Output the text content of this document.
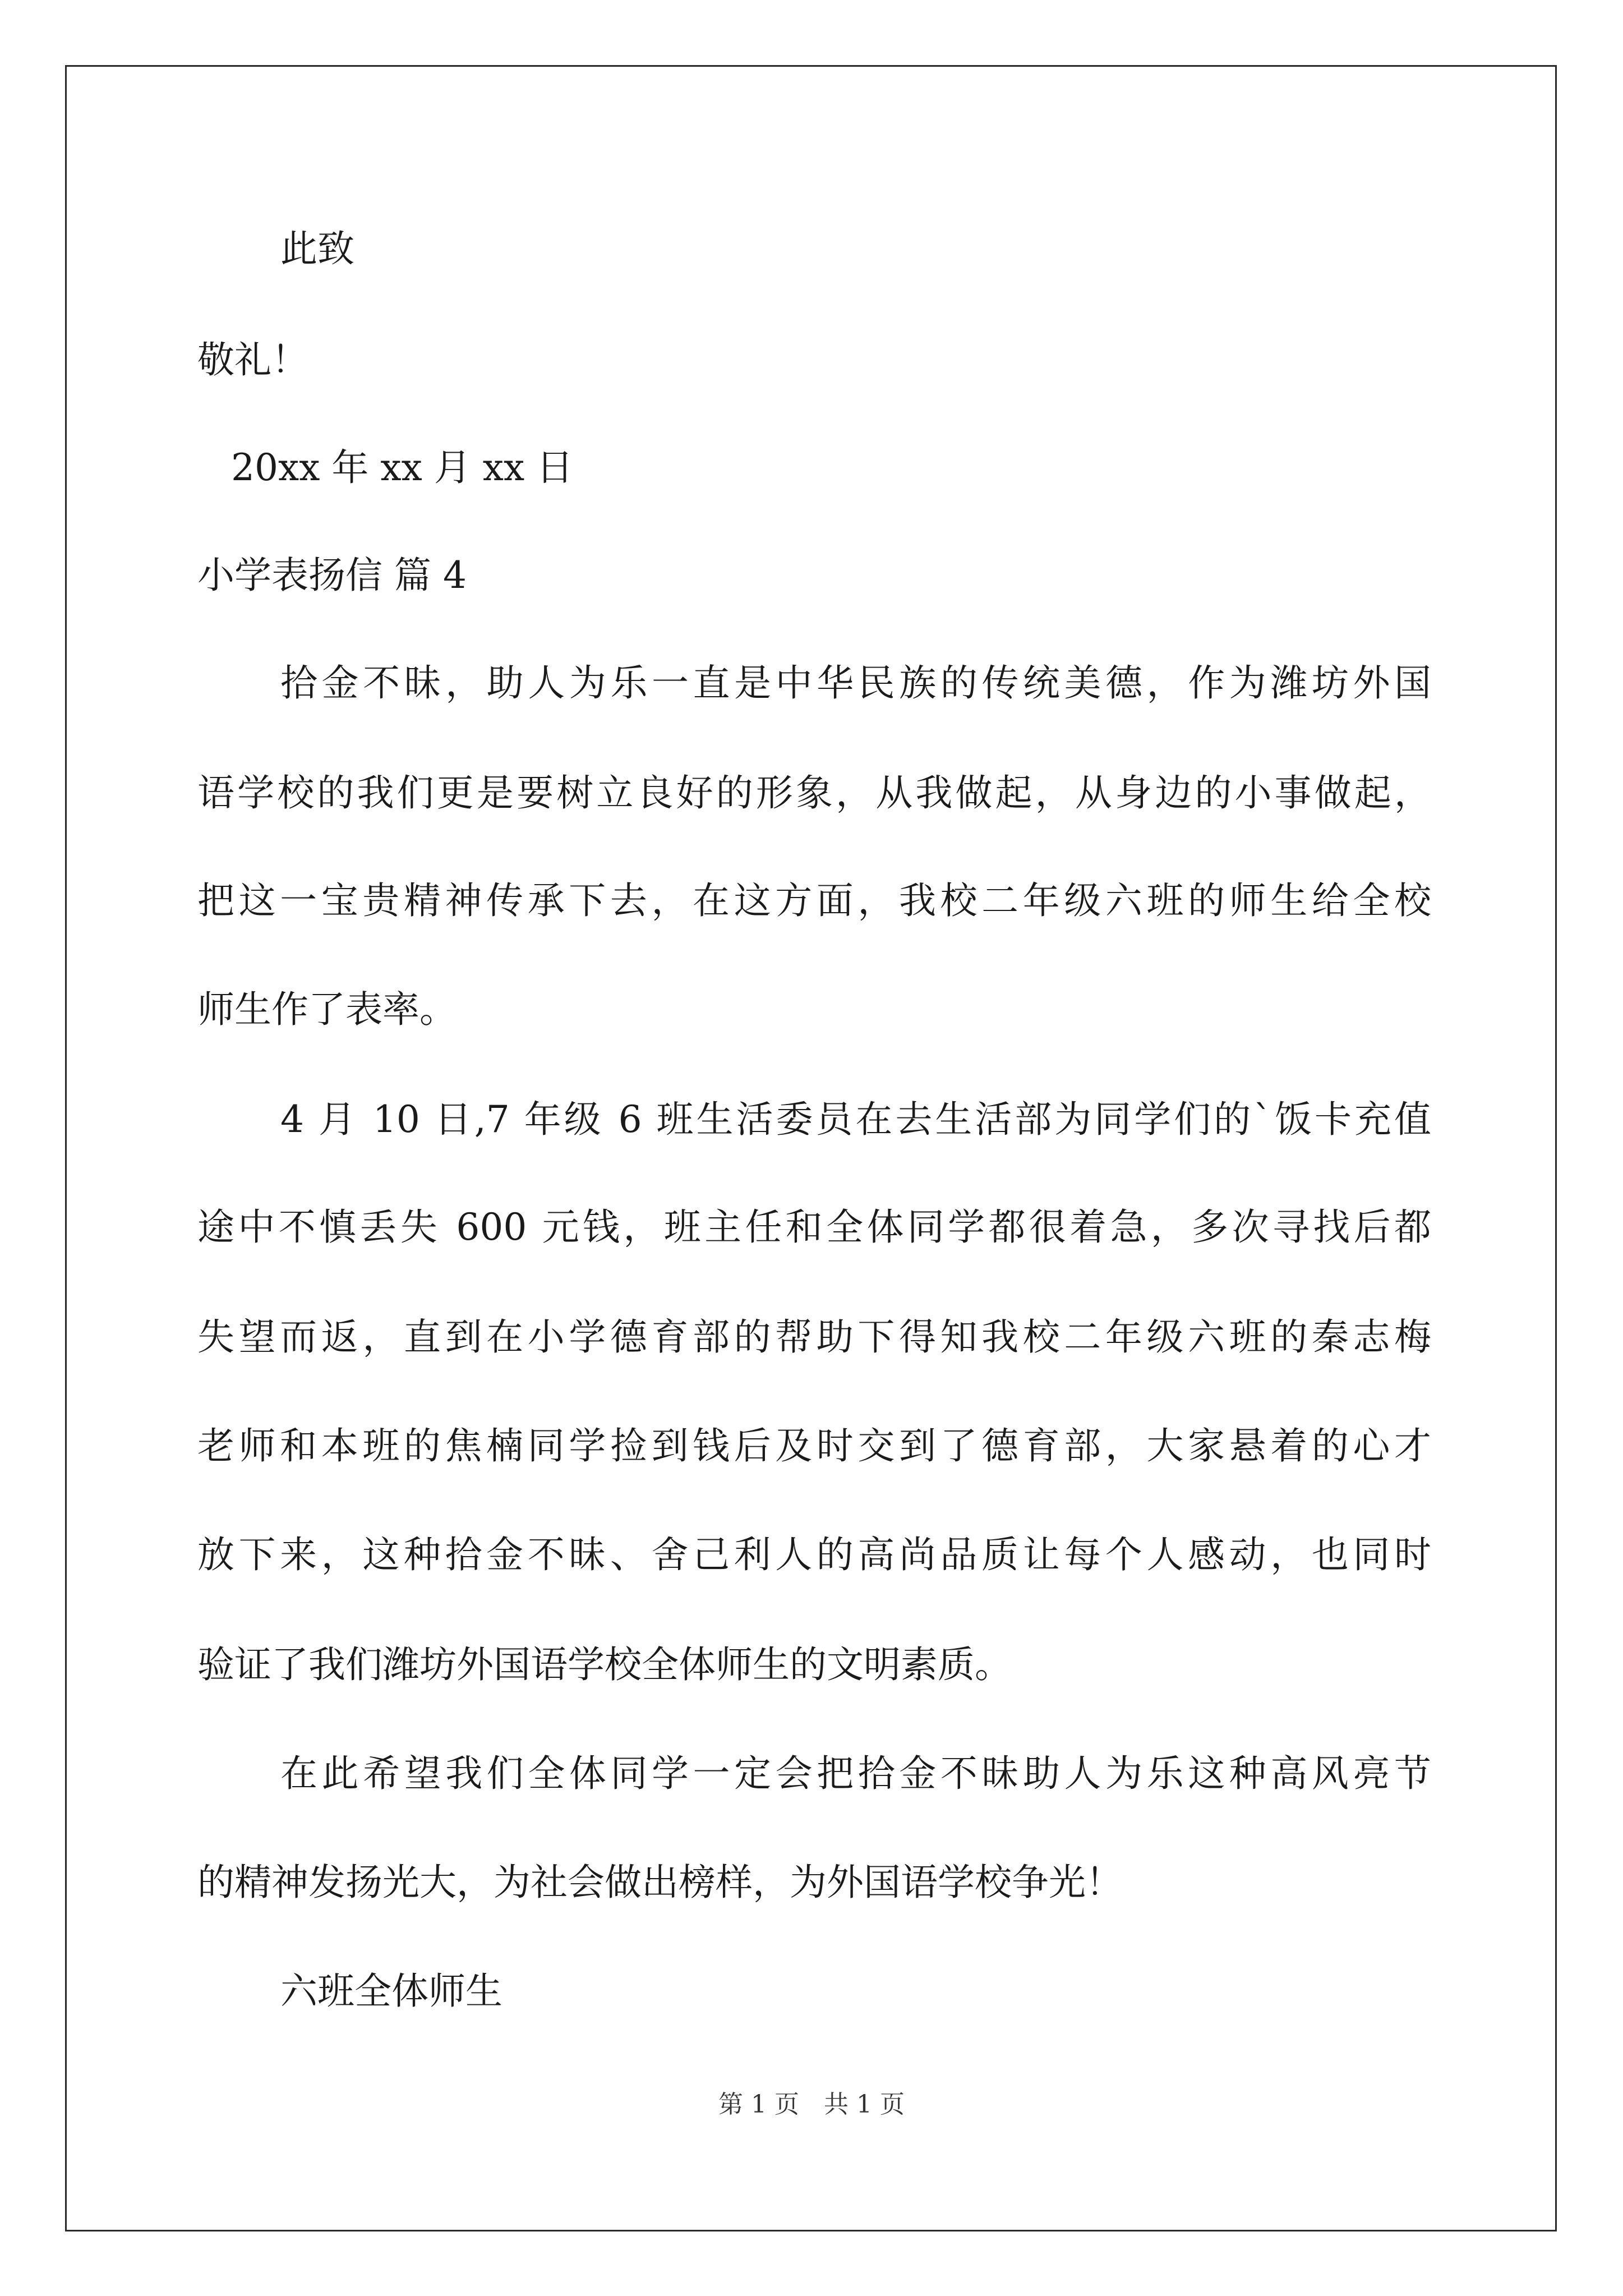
此致
敬礼！
20xx 年 xx 月 xx 日
小学表扬信 篇 4
拾金不昧，助人为乐一直是中华民族的传统美德，作为潍坊外国
语学校的我们更是要树立良好的形象，从我做起，从身边的小事做起，
把这一宝贵精神传承下去，在这方面，我校二年级六班的师生给全校
师生作了表率。
4 月 10 日,7 年级 6 班生活委员在去生活部为同学们的`饭卡充值
途中不慎丢失 600 元钱，班主任和全体同学都很着急，多次寻找后都
失望而返，直到在小学德育部的帮助下得知我校二年级六班的秦志梅
老师和本班的焦楠同学捡到钱后及时交到了德育部，大家悬着的心才
放下来，这种拾金不昧、舍己利人的高尚品质让每个人感动，也同时
验证了我们潍坊外国语学校全体师生的文明素质。
在此希望我们全体同学一定会把拾金不昧助人为乐这种高风亮节
的精神发扬光大，为社会做出榜样，为外国语学校争光！
六班全体师生
第 1 页　共 1 页
